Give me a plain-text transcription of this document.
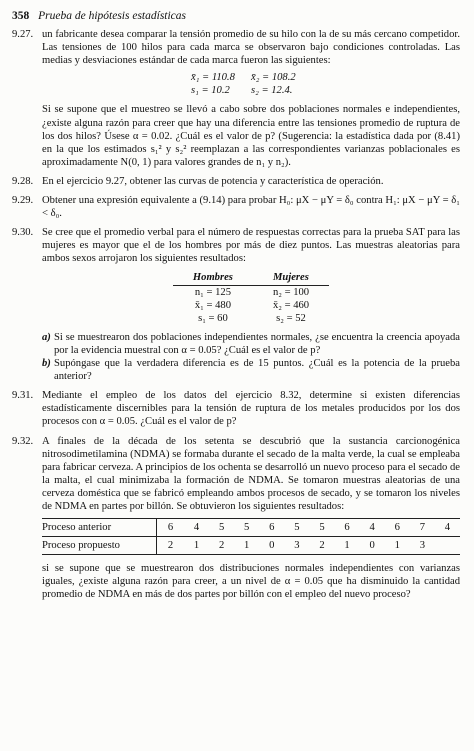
358 Prueba de hipótesis estadísticas
9.27. un fabricante desea comparar la tensión promedio de su hilo con la de su más cercano competidor. Las tensiones de 100 hilos para cada marca se observaron bajo condiciones controladas. Las medias y desviaciones estándar de cada marca fueron las siguientes:

x̄₁ = 110.8	x̄₂ = 108.2
s₁ = 10.2	s₂ = 12.4.

Si se supone que el muestreo se llevó a cabo sobre dos poblaciones normales e independientes, ¿existe alguna razón para creer que hay una diferencia entre las tensiones promedio de ruptura de los dos hilos? Úsese α = 0.02. ¿Cuál es el valor de p? (Sugerencia: la estadística dada por (8.41) en la que los estimados s₁² y s₂² reemplazan a las correspondientes varianzas poblacionales es aproximadamente N(0, 1) para valores grandes de n₁ y n₂).

9.28. En el ejercicio 9.27, obtener las curvas de potencia y característica de operación.
9.29. Obtener una expresión equivalente a (9.14) para probar H₀: μX − μY = δ₀ contra H₁: μX − μY = δ₁ < δ₀.
9.30. Se cree que el promedio verbal para el número de respuestas correctas para la prueba SAT para las mujeres es mayor que el de los hombres por más de diez puntos. Las muestras aleatorias para ambos sexos arrojaron los siguientes resultados:

Hombres	Mujeres
n₁ = 125	n₂ = 100
x̄₁ = 480	x̄₂ = 460
s₁ = 60	s₂ = 52
a) Si se muestrearon dos poblaciones independientes normales, ¿se encuentra la creencia apoyada por la evidencia muestral con α = 0.05? ¿Cuál es el valor de p?
b) Supóngase que la verdadera diferencia es de 15 puntos. ¿Cuál es la potencia de la prueba anterior?
9.31. Mediante el empleo de los datos del ejercicio 8.32, determine si existen diferencias estadísticamente discernibles para la tensión de ruptura de los metales producidos por los dos procesos con α = 0.05. ¿Cuál es el valor de p?
9.32. A finales de la década de los setenta se descubrió que la sustancia carcionogénica nitrosodimetilamina (NDMA) se formaba durante el secado de la malta verde, la cual se empleaba para fabricar cerveza. A principios de los ochenta se desarrolló un nuevo proceso para el secado de la malta, el cual minimizaba la formación de NDMA. Se tomaron muestras aleatorias de una cerveza doméstica que se fabricó empleando ambos procesos de secado, y se tomaron los niveles de NDMA en partes por billón. Se obtuvieron los siguientes resultados:

Proceso anterior	6	4	5	5	6	5	5	6	4	6	7	4
Proceso propuesto	2	1	2	1	0	3	2	1	0	1	3	

si se supone que se muestrearon dos distribuciones normales independientes con varianzas iguales, ¿existe alguna razón para creer, a un nivel de α = 0.05 que ha disminuido la cantidad promedio de NDMA en más de dos partes por billón con el empleo del nuevo proceso?
